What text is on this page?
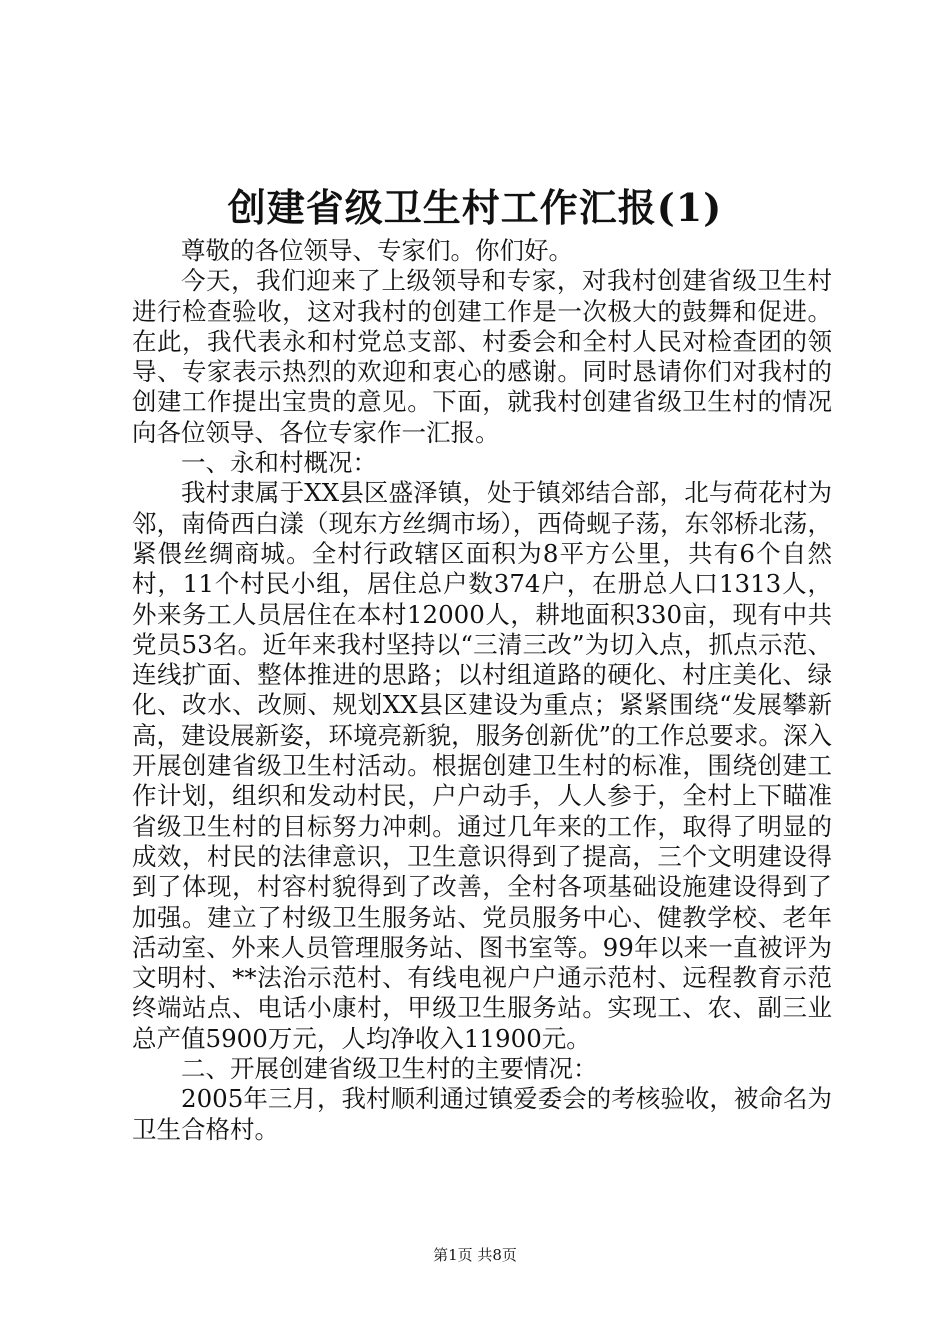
创建省级卫生村工作汇报(1)

尊敬的各位领导、专家们。你们好。

今天，我们迎来了上级领导和专家，对我村创建省级卫生村进行检查验收，这对我村的创建工作是一次极大的鼓舞和促进。在此，我代表永和村党总支部、村委会和全村人民对检查团的领导、专家表示热烈的欢迎和衷心的感谢。同时恳请你们对我村的创建工作提出宝贵的意见。下面，就我村创建省级卫生村的情况向各位领导、各位专家作一汇报。

一、永和村概况：

我村隶属于XX县区盛泽镇，处于镇郊结合部，北与荷花村为邻，南倚西白漾（现东方丝绸市场），西倚蚬子荡，东邻桥北荡，紧偎丝绸商城。全村行政辖区面积为8平方公里，共有6个自然村，11个村民小组，居住总户数374户，在册总人口1313人，外来务工人员居住在本村12000人，耕地面积330亩，现有中共党员53名。近年来我村坚持以“三清三改”为切入点，抓点示范、连线扩面、整体推进的思路；以村组道路的硬化、村庄美化、绿化、改水、改厕、规划XX县区建设为重点；紧紧围绕“发展攀新高，建设展新姿，环境亮新貌，服务创新优”的工作总要求。深入开展创建省级卫生村活动。根据创建卫生村的标准，围绕创建工作计划，组织和发动村民，户户动手，人人参于，全村上下瞄准省级卫生村的目标努力冲刺。通过几年来的工作，取得了明显的成效，村民的法律意识，卫生意识得到了提高，三个文明建设得到了体现，村容村貌得到了改善，全村各项基础设施建设得到了加强。建立了村级卫生服务站、党员服务中心、健教学校、老年活动室、外来人员管理服务站、图书室等。99年以来一直被评为文明村、**法治示范村、有线电视户户通示范村、远程教育示范终端站点、电话小康村，甲级卫生服务站。实现工、农、副三业总产值5900万元，人均净收入11900元。

二、开展创建省级卫生村的主要情况：

2005年三月，我村顺利通过镇爱委会的考核验收，被命名为卫生合格村。

第1页 共8页
